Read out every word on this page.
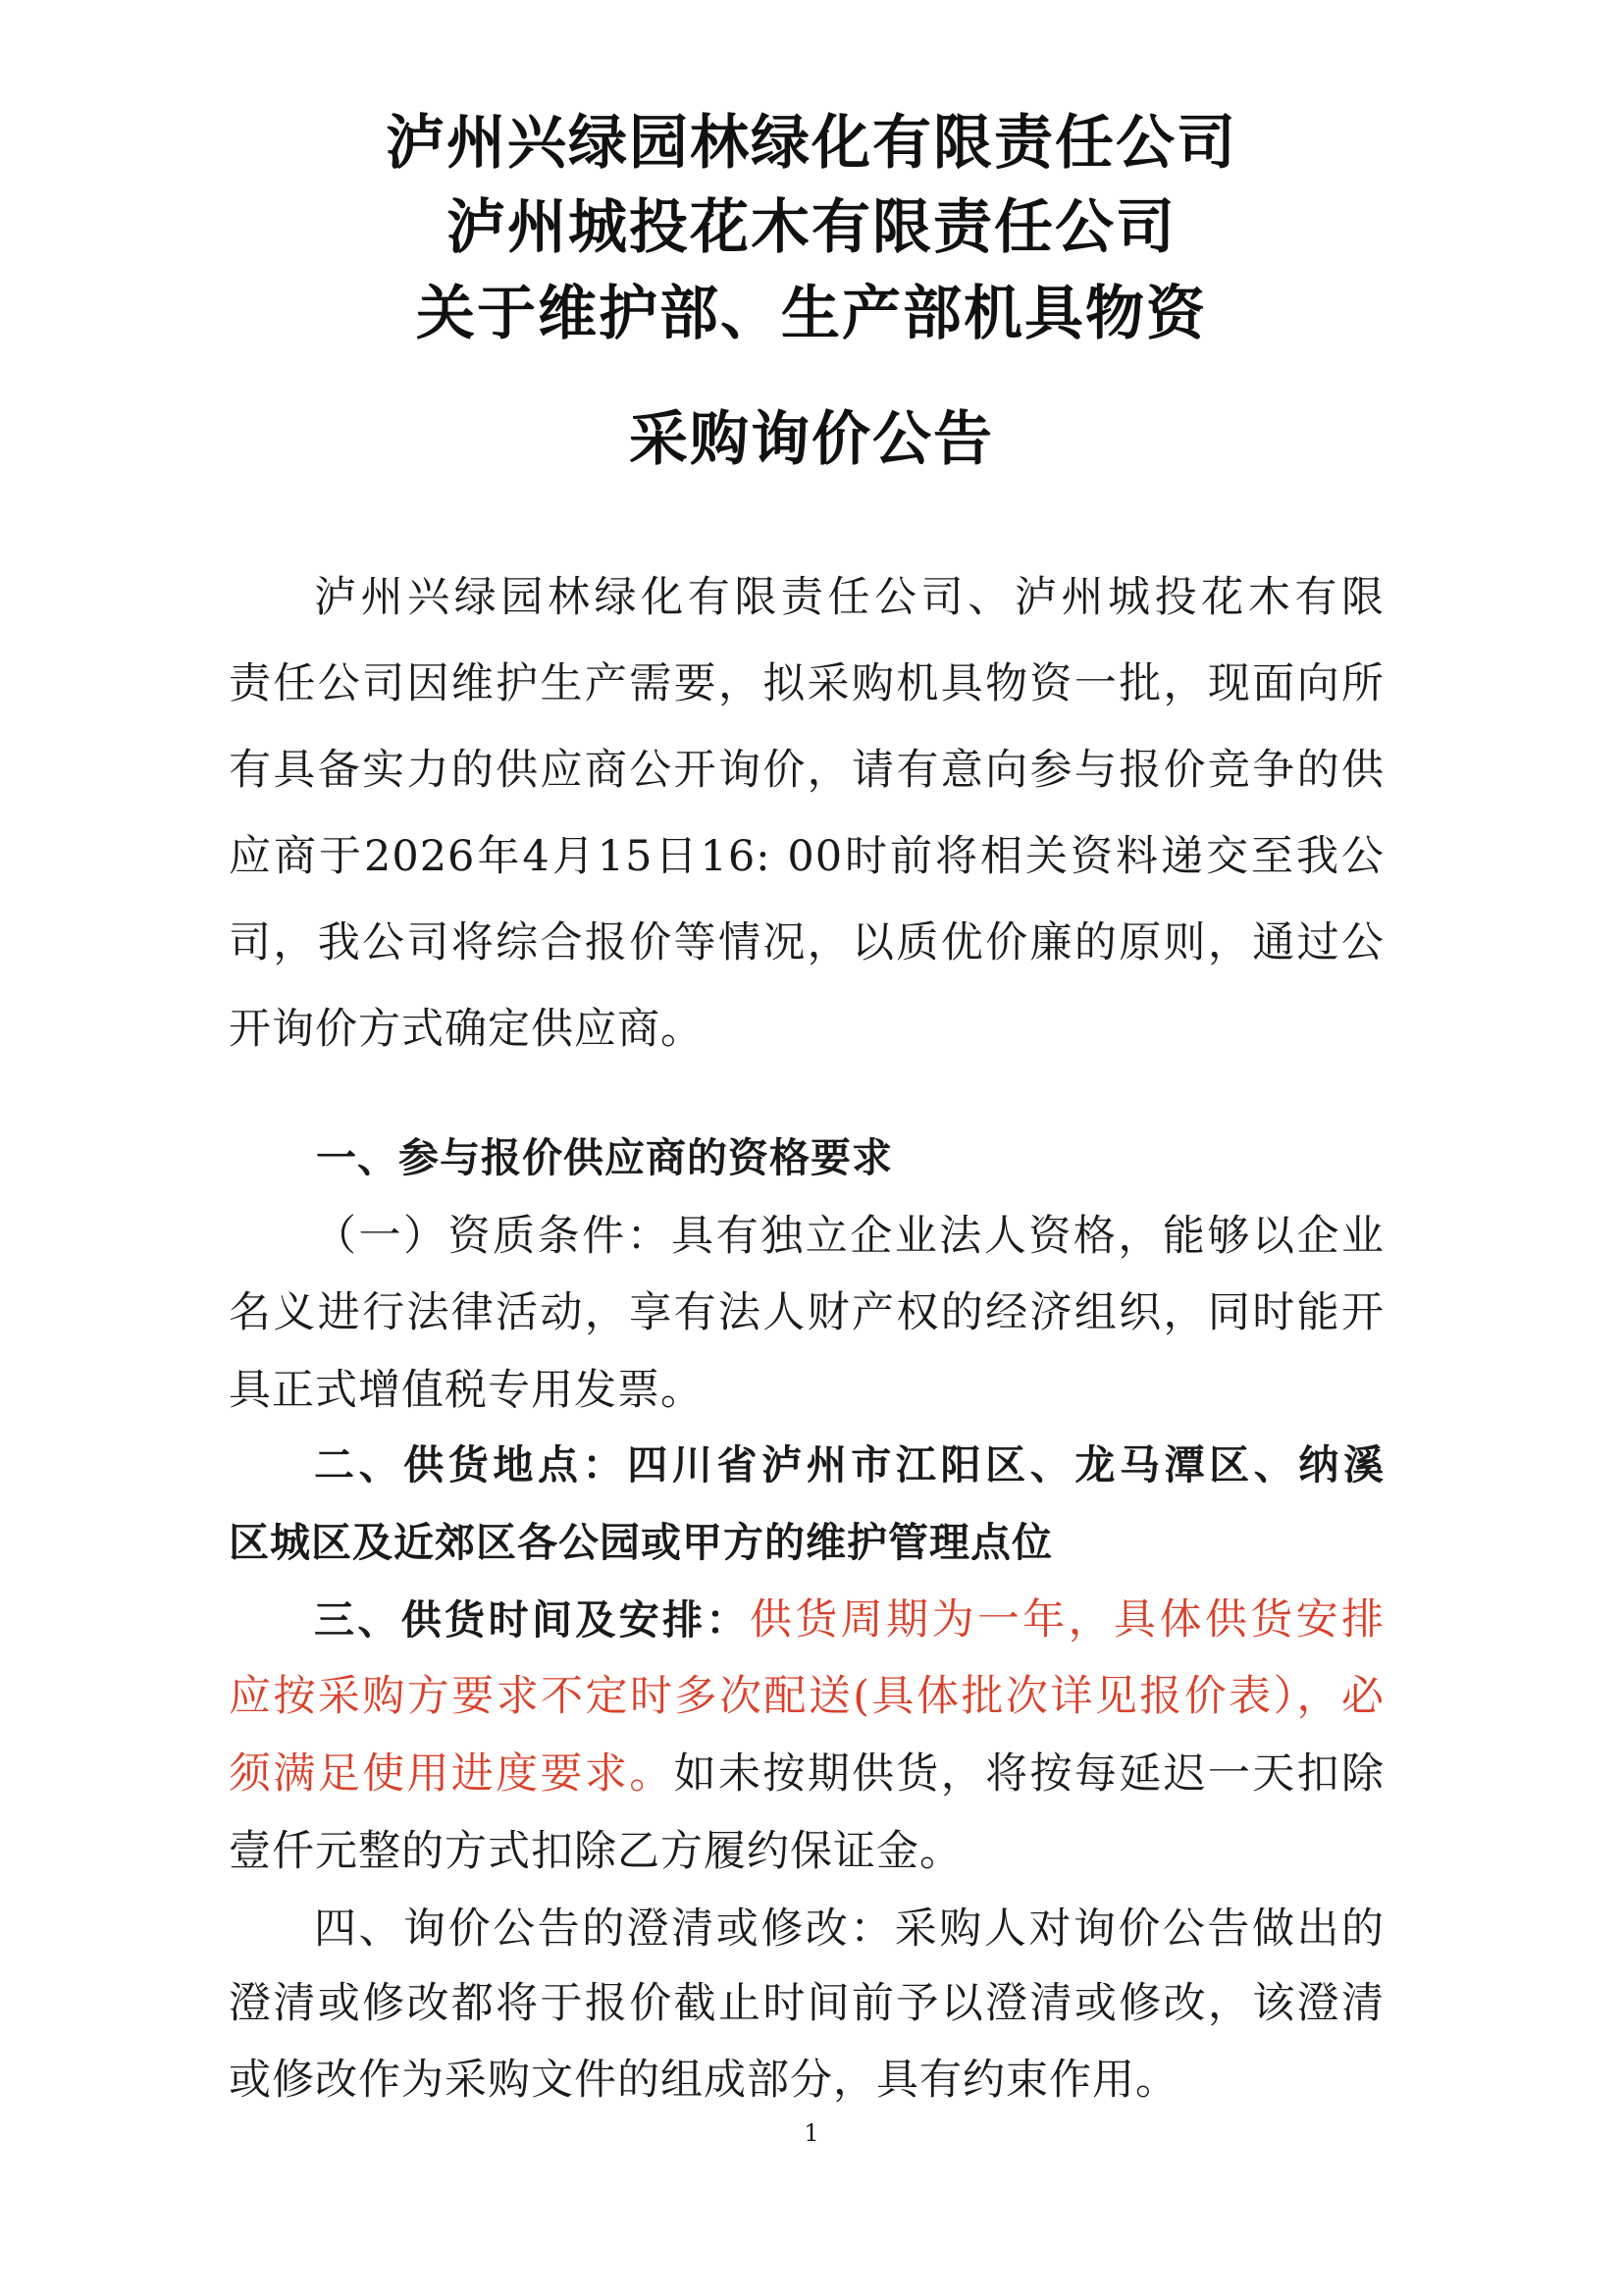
泸州兴绿园林绿化有限责任公司
泸州城投花木有限责任公司
关于维护部、生产部机具物资
采购询价公告
泸州兴绿园林绿化有限责任公司、泸州城投花木有限
责任公司因维护生产需要，拟采购机具物资一批，现面向所
有具备实力的供应商公开询价，请有意向参与报价竞争的供
应商于2026年4月15日16: 00时前将相关资料递交至我公
司，我公司将综合报价等情况，以质优价廉的原则，通过公
开询价方式确定供应商。
一、参与报价供应商的资格要求
（一）资质条件：具有独立企业法人资格，能够以企业
名义进行法律活动，享有法人财产权的经济组织，同时能开
具正式增值税专用发票。
二、供货地点：四川省泸州市江阳区、龙马潭区、纳溪
区城区及近郊区各公园或甲方的维护管理点位
三、供货时间及安排：供货周期为一年，具体供货安排
应按采购方要求不定时多次配送(具体批次详见报价表），必
须满足使用进度要求。如未按期供货，将按每延迟一天扣除
壹仟元整的方式扣除乙方履约保证金。
四、询价公告的澄清或修改：采购人对询价公告做出的
澄清或修改都将于报价截止时间前予以澄清或修改，该澄清
或修改作为采购文件的组成部分，具有约束作用。
1
